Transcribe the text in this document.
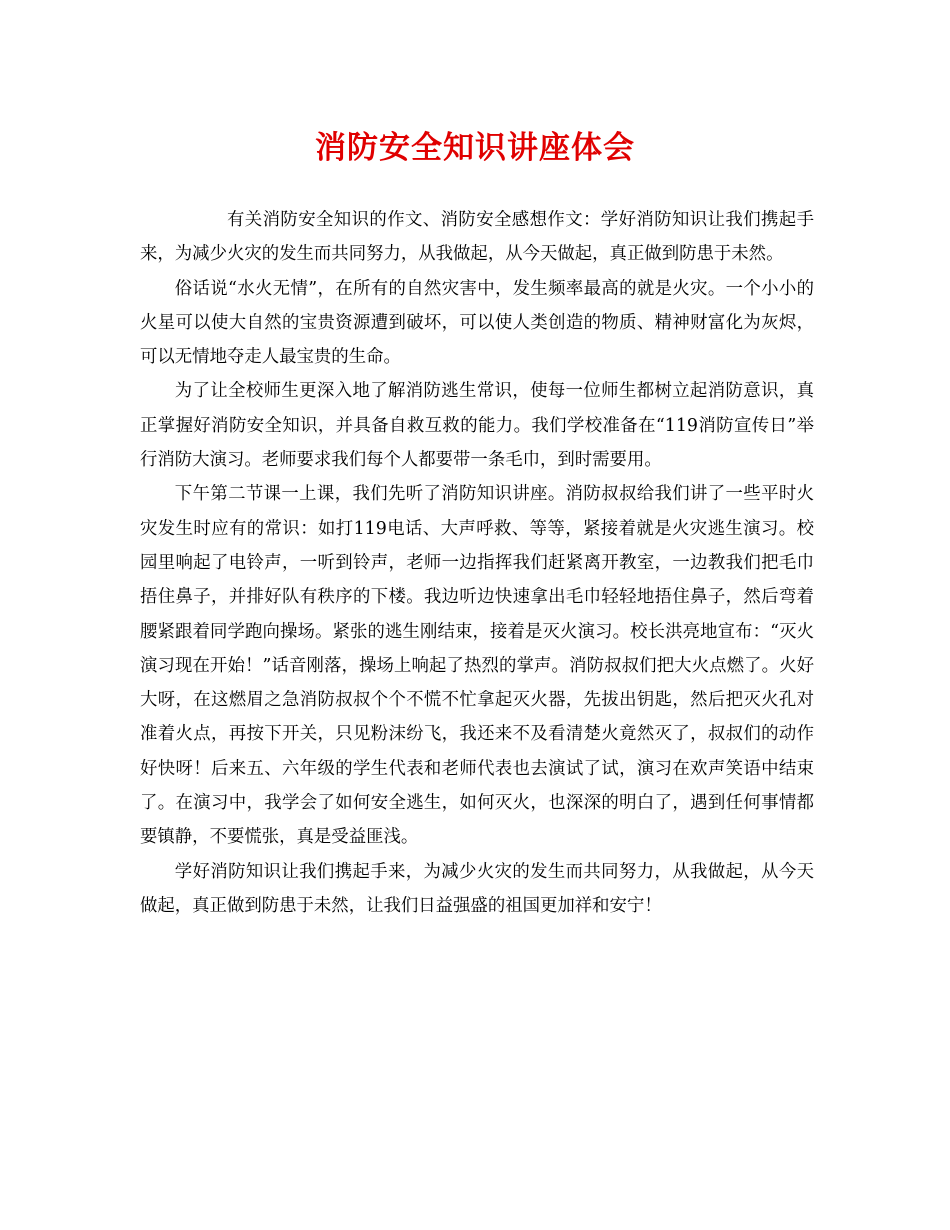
消防安全知识讲座体会

有关消防安全知识的作文、消防安全感想作文：学好消防知识让我们携起手来，为减少火灾的发生而共同努力，从我做起，从今天做起，真正做到防患于未然。

俗话说“水火无情”，在所有的自然灾害中，发生频率最高的就是火灾。一个小小的火星可以使大自然的宝贵资源遭到破坏，可以使人类创造的物质、精神财富化为灰烬，可以无情地夺走人最宝贵的生命。

为了让全校师生更深入地了解消防逃生常识，使每一位师生都树立起消防意识，真正掌握好消防安全知识，并具备自救互救的能力。我们学校准备在“119消防宣传日”举行消防大演习。老师要求我们每个人都要带一条毛巾，到时需要用。

下午第二节课一上课，我们先听了消防知识讲座。消防叔叔给我们讲了一些平时火灾发生时应有的常识：如打119电话、大声呼救、等等，紧接着就是火灾逃生演习。校园里响起了电铃声，一听到铃声，老师一边指挥我们赶紧离开教室，一边教我们把毛巾捂住鼻子，并排好队有秩序的下楼。我边听边快速拿出毛巾轻轻地捂住鼻子，然后弯着腰紧跟着同学跑向操场。紧张的逃生刚结束，接着是灭火演习。校长洪亮地宣布：“灭火演习现在开始！”话音刚落，操场上响起了热烈的掌声。消防叔叔们把大火点燃了。火好大呀，在这燃眉之急消防叔叔个个不慌不忙拿起灭火器，先拔出钥匙，然后把灭火孔对准着火点，再按下开关，只见粉沫纷飞，我还来不及看清楚火竟然灭了，叔叔们的动作好快呀！后来五、六年级的学生代表和老师代表也去演试了试，演习在欢声笑语中结束了。在演习中，我学会了如何安全逃生，如何灭火，也深深的明白了，遇到任何事情都要镇静，不要慌张，真是受益匪浅。

学好消防知识让我们携起手来，为减少火灾的发生而共同努力，从我做起，从今天做起，真正做到防患于未然，让我们日益强盛的祖国更加祥和安宁！
